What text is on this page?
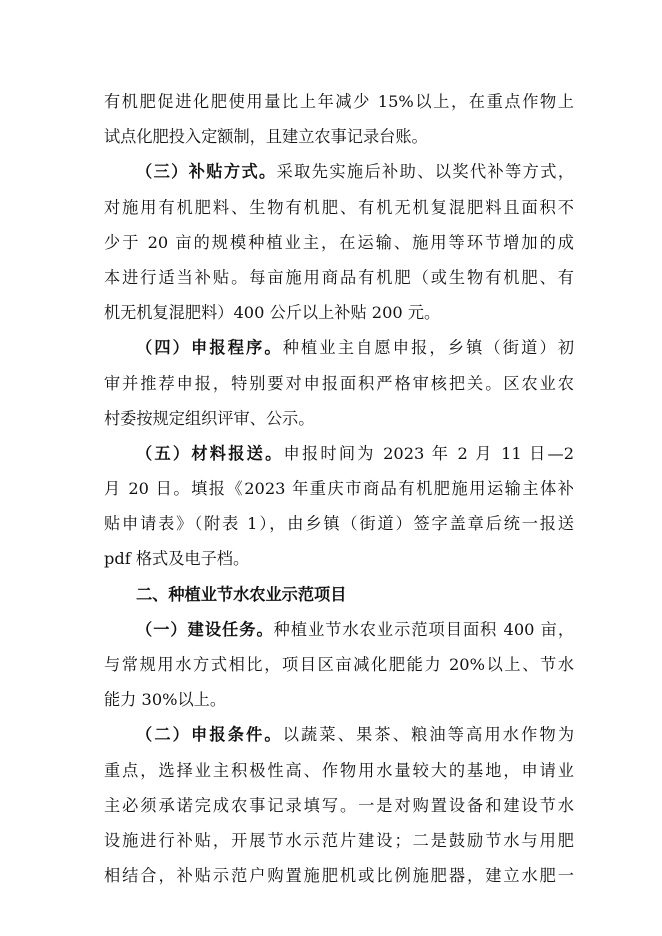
有机肥促进化肥使用量比上年减少 15%以上，在重点作物上
试点化肥投入定额制，且建立农事记录台账。
（三）补贴方式。采取先实施后补助、以奖代补等方式，
对施用有机肥料、生物有机肥、有机无机复混肥料且面积不
少于 20 亩的规模种植业主，在运输、施用等环节增加的成
本进行适当补贴。每亩施用商品有机肥（或生物有机肥、有
机无机复混肥料）400 公斤以上补贴 200 元。
（四）申报程序。种植业主自愿申报，乡镇（街道）初
审并推荐申报，特别要对申报面积严格审核把关。区农业农
村委按规定组织评审、公示。
（五）材料报送。申报时间为 2023 年 2 月 11 日—2
月 20 日。填报《2023 年重庆市商品有机肥施用运输主体补
贴申请表》（附表 1），由乡镇（街道）签字盖章后统一报送
pdf 格式及电子档。
二、种植业节水农业示范项目
（一）建设任务。种植业节水农业示范项目面积 400 亩，
与常规用水方式相比，项目区亩减化肥能力 20%以上、节水
能力 30%以上。
（二）申报条件。以蔬菜、果茶、粮油等高用水作物为
重点，选择业主积极性高、作物用水量较大的基地，申请业
主必须承诺完成农事记录填写。一是对购置设备和建设节水
设施进行补贴，开展节水示范片建设；二是鼓励节水与用肥
相结合，补贴示范户购置施肥机或比例施肥器，建立水肥一
